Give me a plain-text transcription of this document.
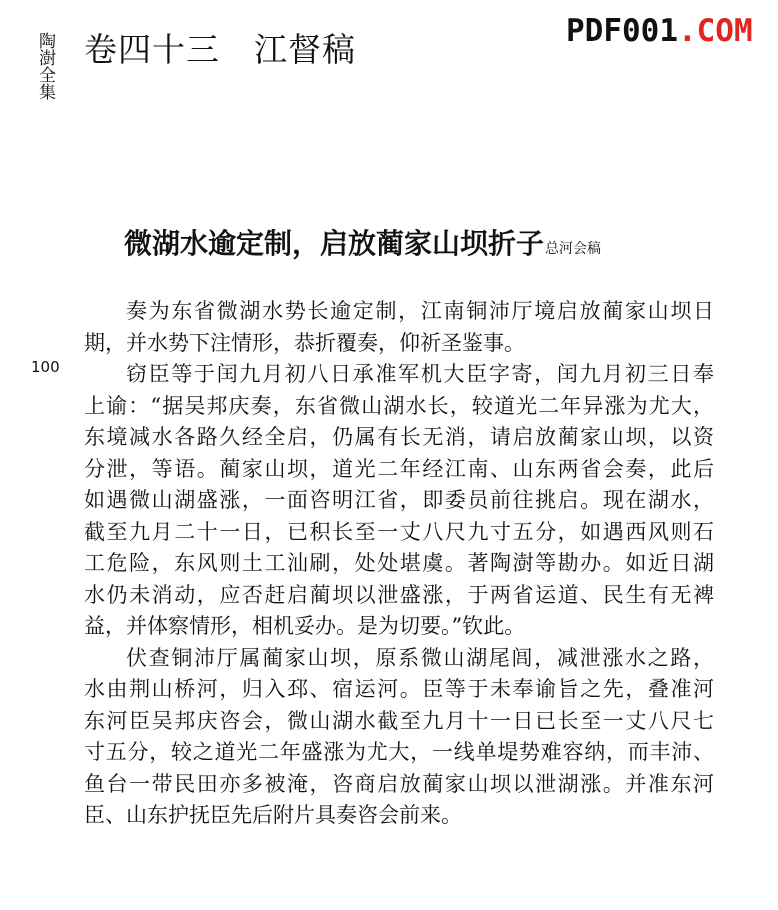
陶澍全集 卷四十三　江督稿	PDF001.COM
微湖水逾定制，启放蔺家山坝折子总河会稿
100
奏为东省微湖水势长逾定制，江南铜沛厅境启放蔺家山坝日
期，并水势下注情形，恭折覆奏，仰祈圣鉴事。
窃臣等于闰九月初八日承准军机大臣字寄，闰九月初三日奉
上谕：“据吴邦庆奏，东省微山湖水长，较道光二年异涨为尤大，
东境减水各路久经全启，仍属有长无消，请启放蔺家山坝，以资
分泄，等语。蔺家山坝，道光二年经江南、山东两省会奏，此后
如遇微山湖盛涨，一面咨明江省，即委员前往挑启。现在湖水，
截至九月二十一日，已积长至一丈八尺九寸五分，如遇西风则石
工危险，东风则土工汕刷，处处堪虞。著陶澍等勘办。如近日湖
水仍未消动，应否赶启蔺坝以泄盛涨，于两省运道、民生有无裨
益，并体察情形，相机妥办。是为切要。”钦此。
伏查铜沛厅属蔺家山坝，原系微山湖尾闾，减泄涨水之路，
水由荆山桥河，归入邳、宿运河。臣等于未奉谕旨之先，叠准河
东河臣吴邦庆咨会，微山湖水截至九月十一日已长至一丈八尺七
寸五分，较之道光二年盛涨为尤大，一线单堤势难容纳，而丰沛、
鱼台一带民田亦多被淹，咨商启放蔺家山坝以泄湖涨。并准东河
臣、山东护抚臣先后附片具奏咨会前来。
